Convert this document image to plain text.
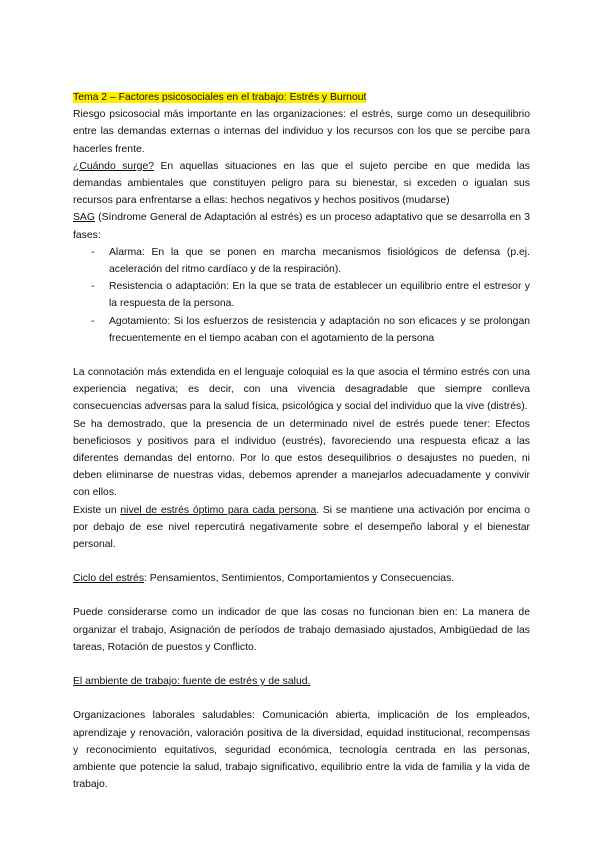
Tema 2 – Factores psicosociales en el trabajo: Estrés y Burnout

Riesgo psicosocial más importante en las organizaciones: el estrés, surge como un desequilibrio entre las demandas externas o internas del individuo y los recursos con los que se percibe para hacerles frente.

¿Cuándo surge? En aquellas situaciones en las que el sujeto percibe en que medida las demandas ambientales que constituyen peligro para su bienestar, si exceden o igualan sus recursos para enfrentarse a ellas: hechos negativos y hechos positivos (mudarse)

SAG (Síndrome General de Adaptación al estrés) es un proceso adaptativo que se desarrolla en 3 fases:

- Alarma: En la que se ponen en marcha mecanismos fisiológicos de defensa (p.ej. aceleración del ritmo cardíaco y de la respiración).
- Resistencia o adaptación: En la que se trata de establecer un equilibrio entre el estresor y la respuesta de la persona.
- Agotamiento: Si los esfuerzos de resistencia y adaptación no son eficaces y se prolongan frecuentemente en el tiempo acaban con el agotamiento de la persona

La connotación más extendida en el lenguaje coloquial es la que asocia el término estrés con una experiencia negativa; es decir, con una vivencia desagradable que siempre conlleva consecuencias adversas para la salud física, psicológica y social del individuo que la vive (distrés).

Se ha demostrado, que la presencia de un determinado nivel de estrés puede tener: Efectos beneficiosos y positivos para el individuo (eustrés), favoreciendo una respuesta eficaz a las diferentes demandas del entorno. Por lo que estos desequilibrios o desajustes no pueden, ni deben eliminarse de nuestras vidas, debemos aprender a manejarlos adecuadamente y convivir con ellos.

Existe un nivel de estrés óptimo para cada persona. Si se mantiene una activación por encima o por debajo de ese nivel repercutirá negativamente sobre el desempeño laboral y el bienestar personal.

Ciclo del estrés: Pensamientos, Sentimientos, Comportamientos y Consecuencias.

Puede considerarse como un indicador de que las cosas no funcionan bien en: La manera de organizar el trabajo, Asignación de períodos de trabajo demasiado ajustados, Ambigüedad de las tareas, Rotación de puestos y Conflicto.

El ambiente de trabajo: fuente de estrés y de salud.

Organizaciones laborales saludables: Comunicación abierta, implicación de los empleados, aprendizaje y renovación, valoración positiva de la diversidad, equidad institucional, recompensas y reconocimiento equitativos, seguridad económica, tecnología centrada en las personas, ambiente que potencie la salud, trabajo significativo, equilibrio entre la vida de familia y la vida de trabajo.
